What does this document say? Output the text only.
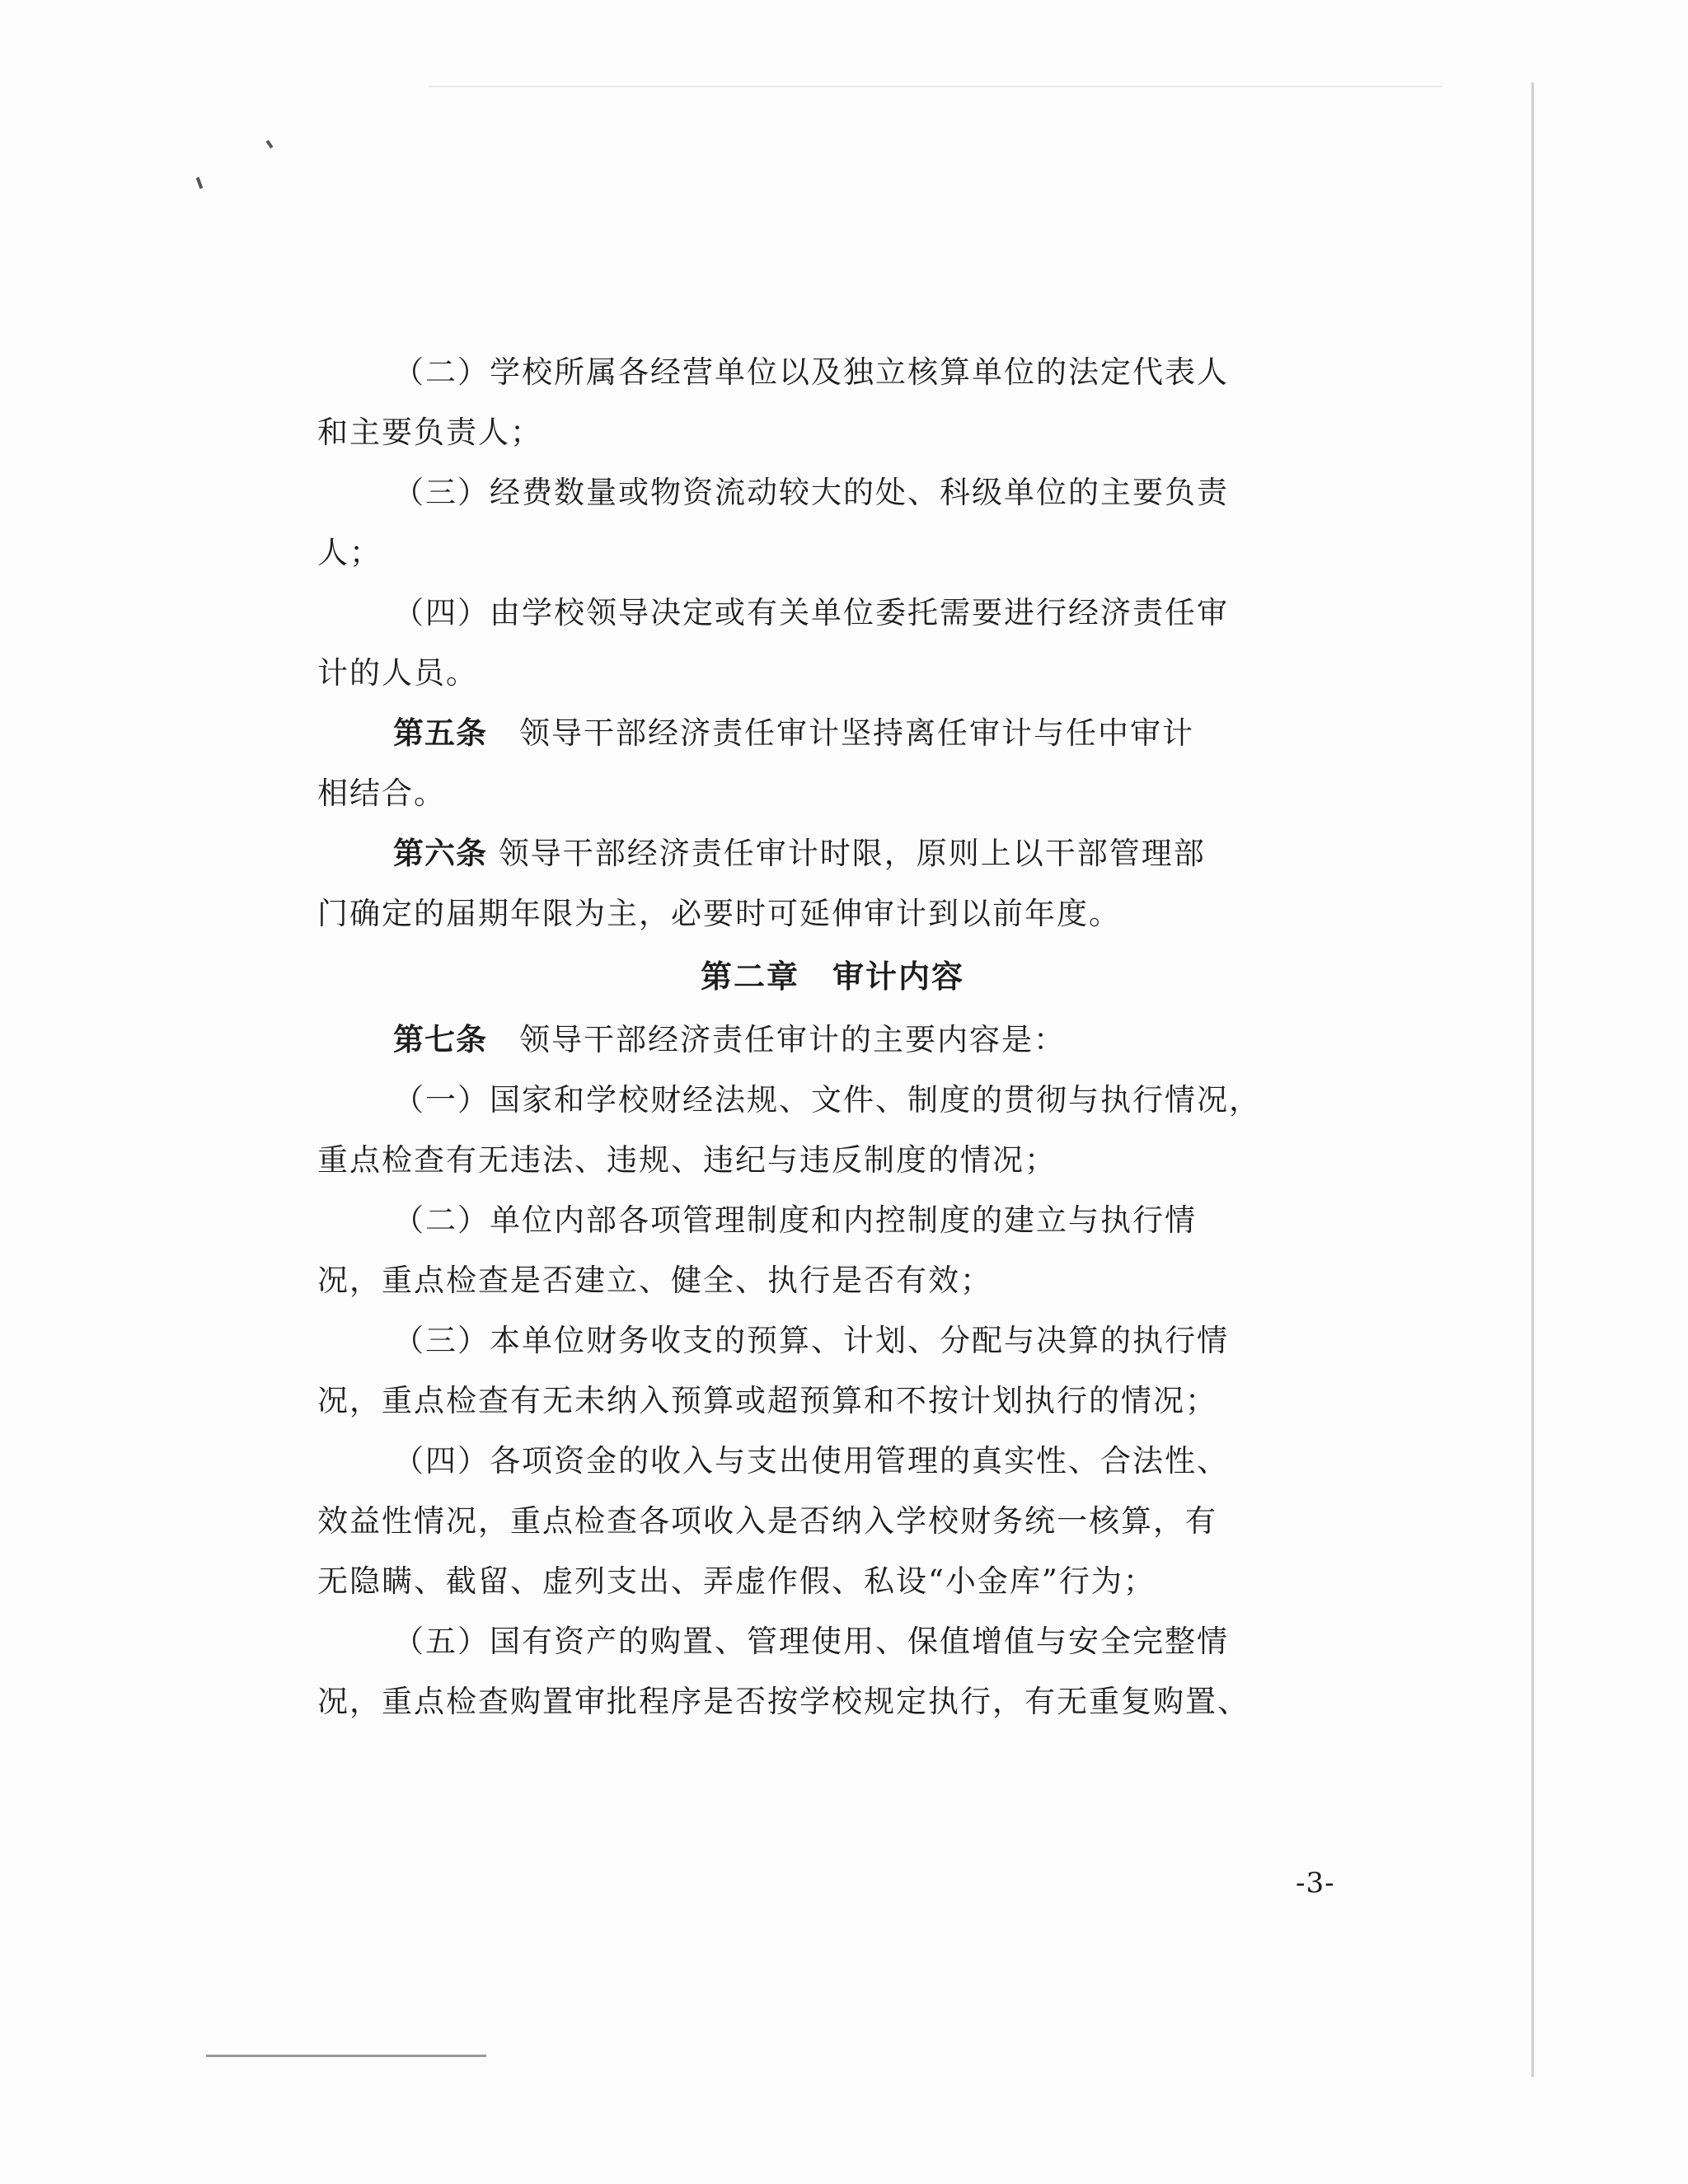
（二）学校所属各经营单位以及独立核算单位的法定代表人
和主要负责人；
（三）经费数量或物资流动较大的处、科级单位的主要负责
人；
（四）由学校领导决定或有关单位委托需要进行经济责任审
计的人员。
第五条　 领导干部经济责任审计坚持离任审计与任中审计
相结合。
第六条 领导干部经济责任审计时限，原则上以干部管理部
门确定的届期年限为主，必要时可延伸审计到以前年度。
第二章　审计内容
第七条　 领导干部经济责任审计的主要内容是：
（一）国家和学校财经法规、文件、制度的贯彻与执行情况，
重点检查有无违法、违规、违纪与违反制度的情况；
（二）单位内部各项管理制度和内控制度的建立与执行情
况，重点检查是否建立、健全、执行是否有效；
（三）本单位财务收支的预算、计划、分配与决算的执行情
况，重点检查有无未纳入预算或超预算和不按计划执行的情况；
（四）各项资金的收入与支出使用管理的真实性、合法性、
效益性情况，重点检查各项收入是否纳入学校财务统一核算，有
无隐瞒、截留、虚列支出、弄虚作假、私设“小金库”行为；
（五）国有资产的购置、管理使用、保值增值与安全完整情
况，重点检查购置审批程序是否按学校规定执行，有无重复购置、
-3-
